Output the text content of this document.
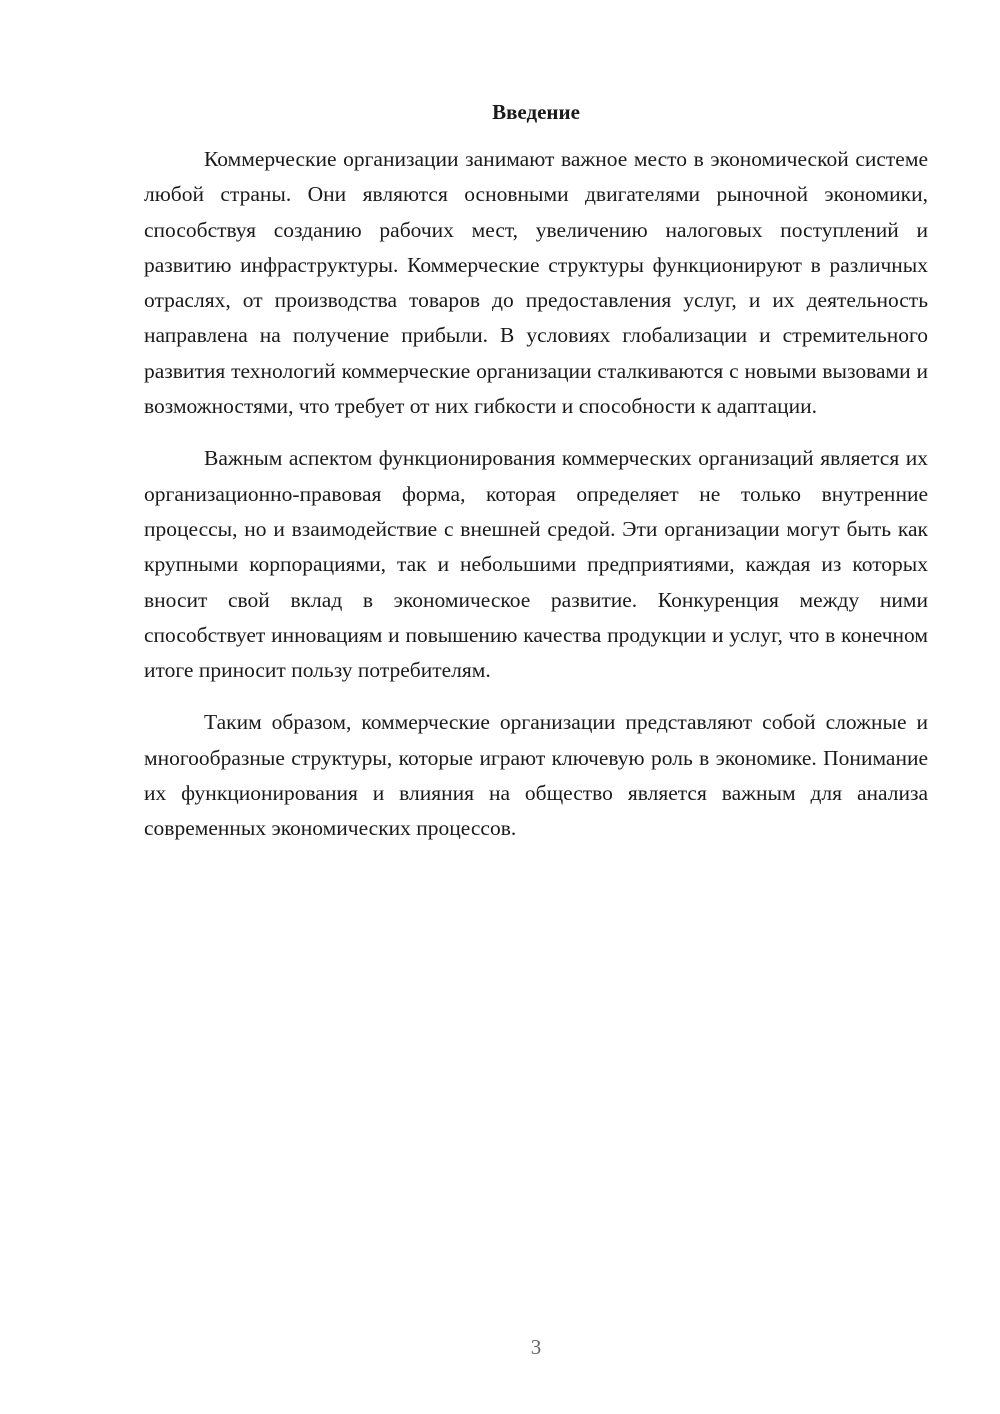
Введение

Коммерческие организации занимают важное место в экономической системе любой страны. Они являются основными двигателями рыночной экономики, способствуя созданию рабочих мест, увеличению налоговых поступлений и развитию инфраструктуры. Коммерческие структуры функционируют в различных отраслях, от производства товаров до предоставления услуг, и их деятельность направлена на получение прибыли. В условиях глобализации и стремительного развития технологий коммерческие организации сталкиваются с новыми вызовами и возможностями, что требует от них гибкости и способности к адаптации.

Важным аспектом функционирования коммерческих организаций является их организационно-правовая форма, которая определяет не только внутренние процессы, но и взаимодействие с внешней средой. Эти организации могут быть как крупными корпорациями, так и небольшими предприятиями, каждая из которых вносит свой вклад в экономическое развитие. Конкуренция между ними способствует инновациям и повышению качества продукции и услуг, что в конечном итоге приносит пользу потребителям.

Таким образом, коммерческие организации представляют собой сложные и многообразные структуры, которые играют ключевую роль в экономике. Понимание их функционирования и влияния на общество является важным для анализа современных экономических процессов.

3
